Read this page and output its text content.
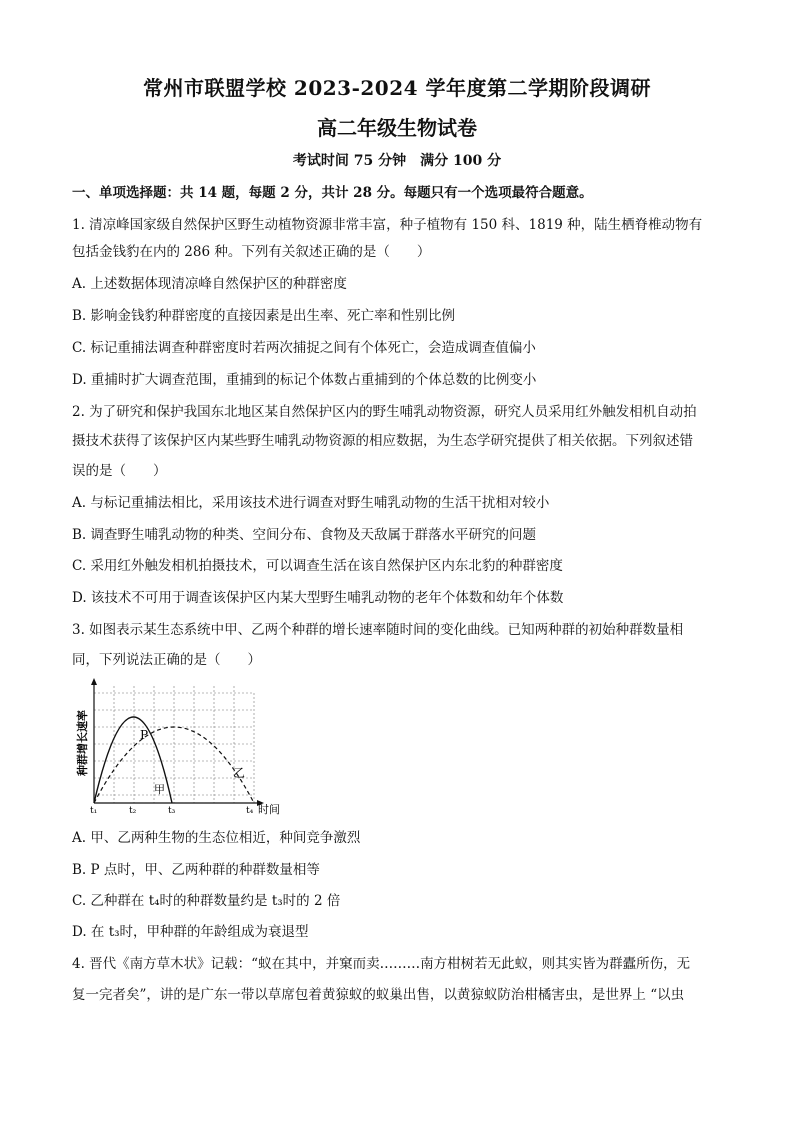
常州市联盟学校 2023-2024 学年度第二学期阶段调研
高二年级生物试卷
考试时间 75 分钟　满分 100 分
一、单项选择题：共 14 题，每题 2 分，共计 28 分。每题只有一个选项最符合题意。
1. 清凉峰国家级自然保护区野生动植物资源非常丰富，种子植物有 150 科、1819 种，陆生栖脊椎动物有
包括金钱豹在内的 286 种。下列有关叙述正确的是（　　）
A. 上述数据体现清凉峰自然保护区的种群密度
B. 影响金钱豹种群密度的直接因素是出生率、死亡率和性别比例
C. 标记重捕法调查种群密度时若两次捕捉之间有个体死亡，会造成调查值偏小
D. 重捕时扩大调查范围，重捕到的标记个体数占重捕到的个体总数的比例变小
2. 为了研究和保护我国东北地区某自然保护区内的野生哺乳动物资源，研究人员采用红外触发相机自动拍
摄技术获得了该保护区内某些野生哺乳动物资源的相应数据，为生态学研究提供了相关依据。下列叙述错
误的是（　　）
A. 与标记重捕法相比，采用该技术进行调查对野生哺乳动物的生活干扰相对较小
B. 调查野生哺乳动物的种类、空间分布、食物及天敌属于群落水平研究的问题
C. 采用红外触发相机拍摄技术，可以调查生活在该自然保护区内东北豹的种群密度
D. 该技术不可用于调查该保护区内某大型野生哺乳动物的老年个体数和幼年个体数
3. 如图表示某生态系统中甲、乙两个种群的增长速率随时间的变化曲线。已知两种群的初始种群数量相
同，下列说法正确的是（　　）
种群增长速率	P
乙
甲
t₁	t₂	t₃	t₄ 时间
A. 甲、乙两种生物的生态位相近，种间竞争激烈
B. P 点时，甲、乙两种群的种群数量相等
C. 乙种群在 t₄时的种群数量约是 t₃时的 2 倍
D. 在 t₃时，甲种群的年龄组成为衰退型
4. 晋代《南方草木状》记载：“蚁在其中，并窠而卖………南方柑树若无此蚁，则其实皆为群蠹所伤，无
复一完者矣”，讲的是广东一带以草席包着黄猄蚁的蚁巢出售，以黄猄蚁防治柑橘害虫，是世界上 “以虫
